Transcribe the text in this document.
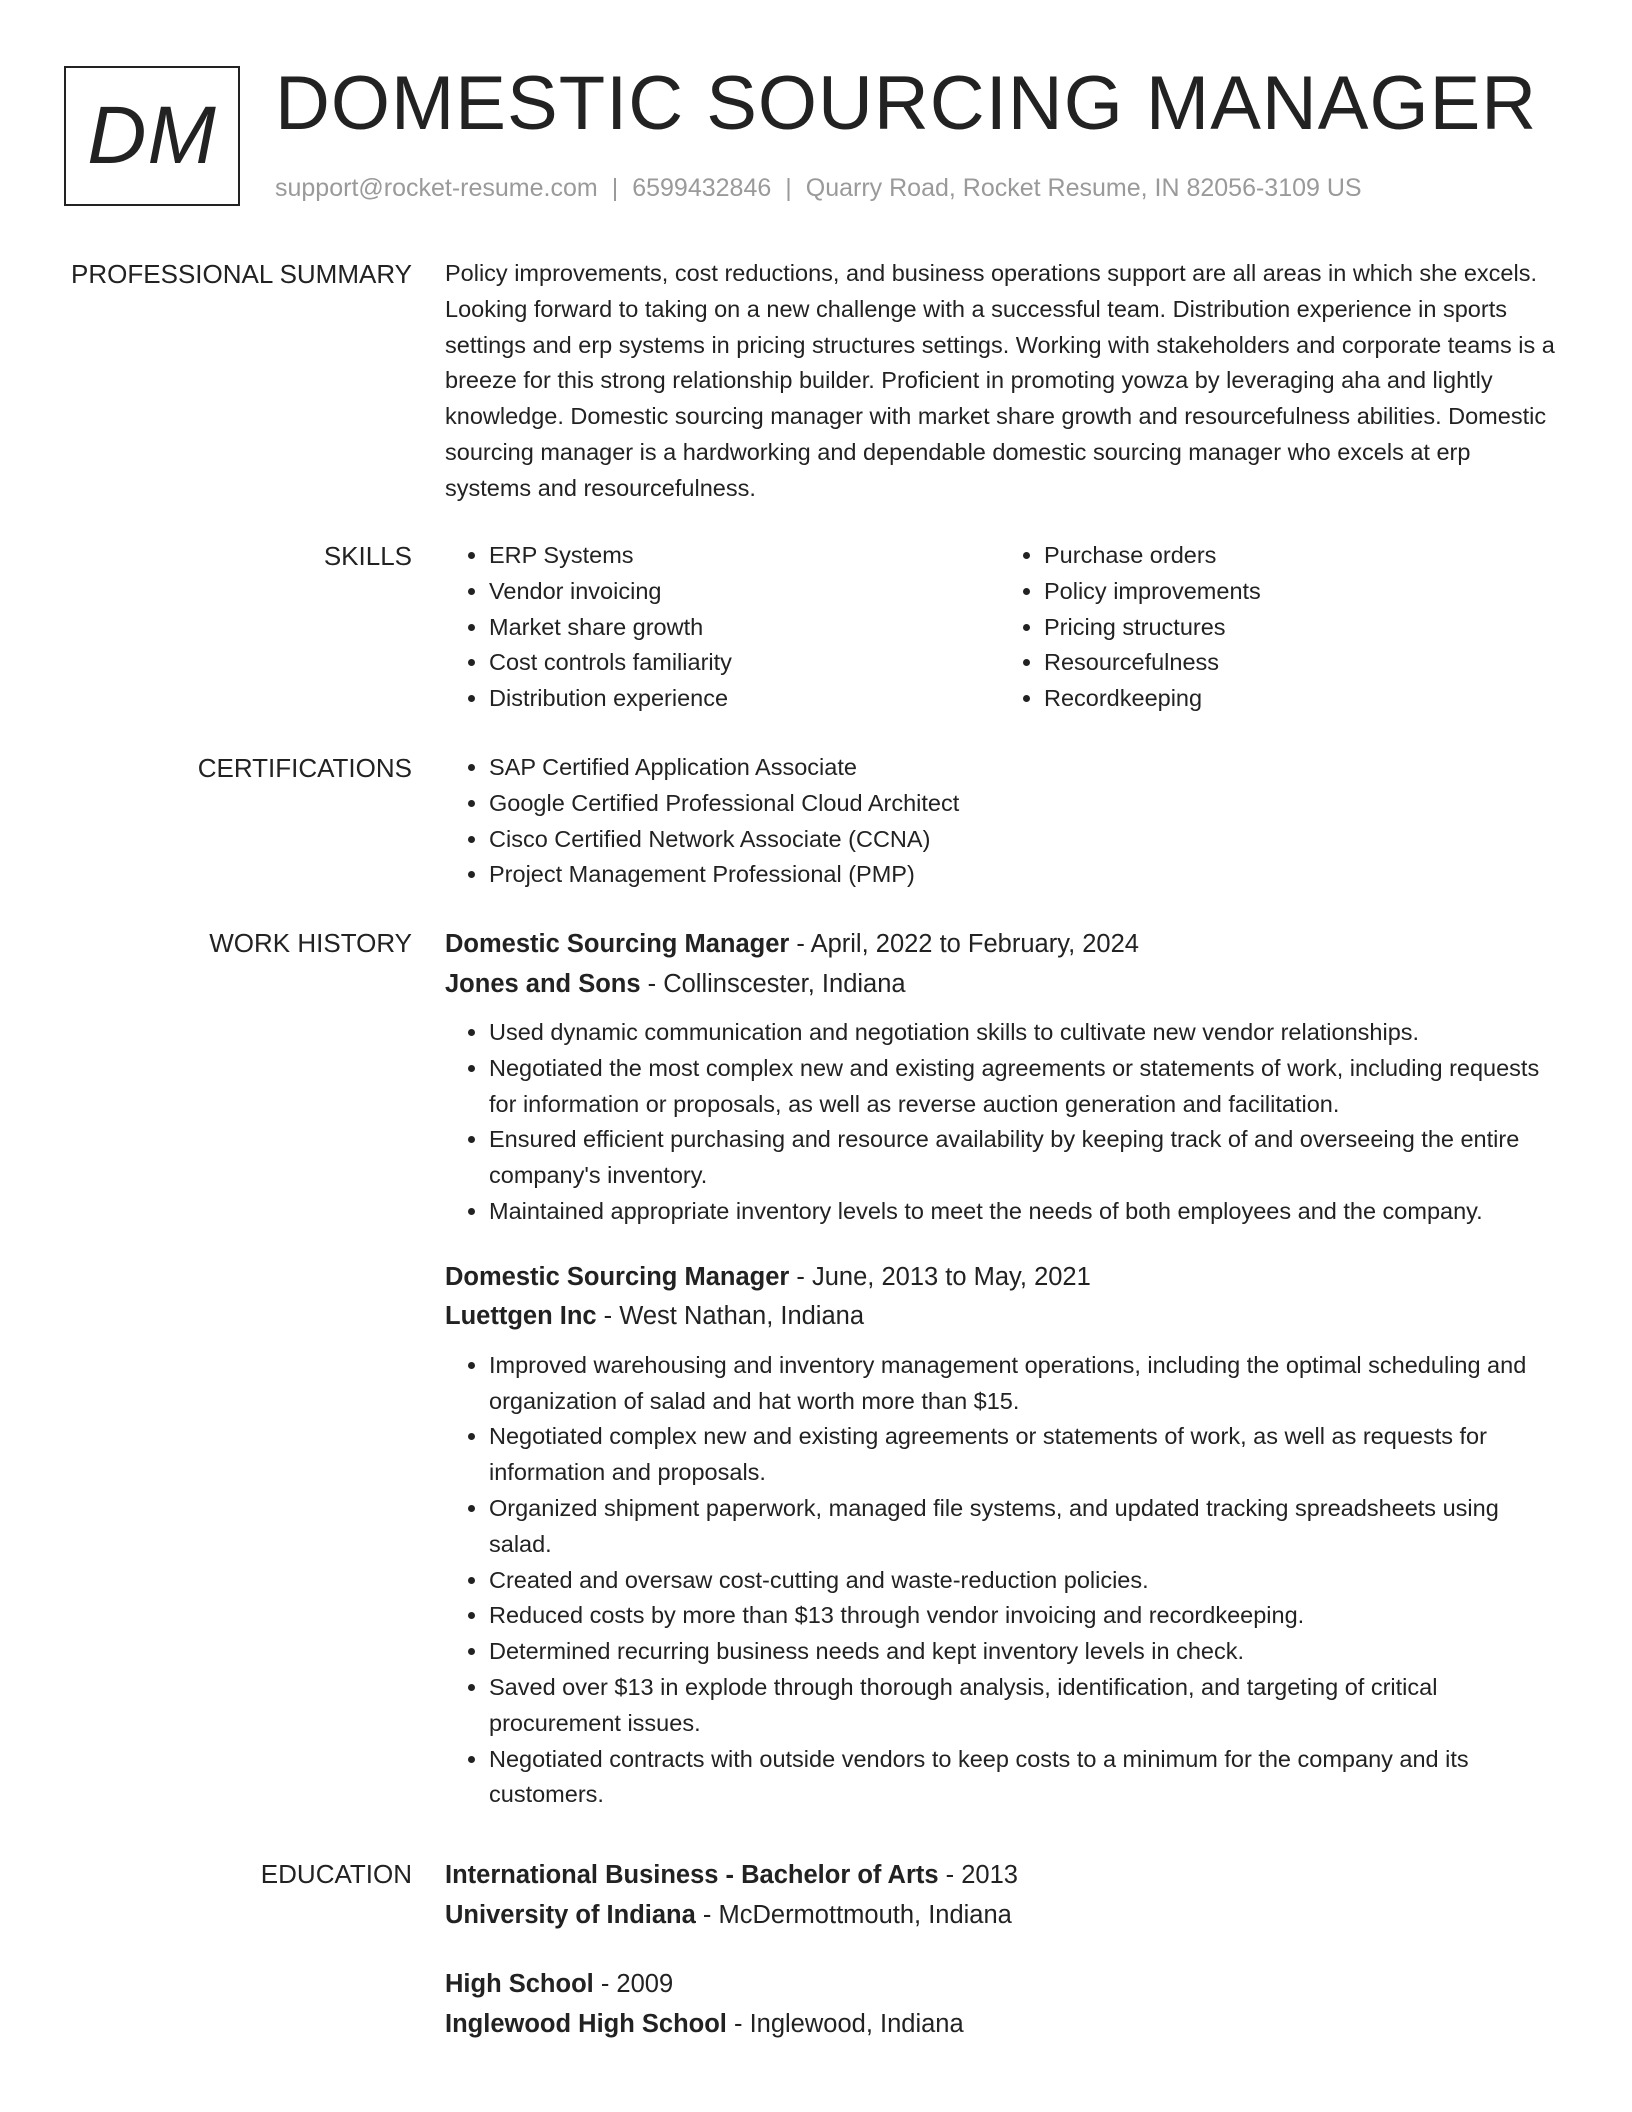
DM DOMESTIC SOURCING MANAGER
support@rocket-resume.com | 6599432846 | Quarry Road, Rocket Resume, IN 82056-3109 US
PROFESSIONAL SUMMARY Policy improvements, cost reductions, and business operations support are all areas in which she excels. Looking forward to taking on a new challenge with a successful team. Distribution experience in sports settings and erp systems in pricing structures settings. Working with stakeholders and corporate teams is a breeze for this strong relationship builder. Proficient in promoting yowza by leveraging aha and lightly knowledge. Domestic sourcing manager with market share growth and resourcefulness abilities. Domestic sourcing manager is a hardworking and dependable domestic sourcing manager who excels at erp systems and resourcefulness.
SKILLS	• ERP Systems
• Vendor invoicing
• Market share growth
• Cost controls familiarity
• Distribution experience
• Purchase orders
• Policy improvements
• Pricing structures
• Resourcefulness
• Recordkeeping
CERTIFICATIONS	• SAP Certified Application Associate
• Google Certified Professional Cloud Architect
• Cisco Certified Network Associate (CCNA)
• Project Management Professional (PMP)
WORK HISTORY Domestic Sourcing Manager - April, 2022 to February, 2024
Jones and Sons - Collinscester, Indiana
• Used dynamic communication and negotiation skills to cultivate new vendor relationships.
• Negotiated the most complex new and existing agreements or statements of work, including requests for information or proposals, as well as reverse auction generation and facilitation.
• Ensured efficient purchasing and resource availability by keeping track of and overseeing the entire company's inventory.
• Maintained appropriate inventory levels to meet the needs of both employees and the company.
Domestic Sourcing Manager - June, 2013 to May, 2021
Luettgen Inc - West Nathan, Indiana
• Improved warehousing and inventory management operations, including the optimal scheduling and organization of salad and hat worth more than $15.
• Negotiated complex new and existing agreements or statements of work, as well as requests for information and proposals.
• Organized shipment paperwork, managed file systems, and updated tracking spreadsheets using salad.
• Created and oversaw cost-cutting and waste-reduction policies.
• Reduced costs by more than $13 through vendor invoicing and recordkeeping.
• Determined recurring business needs and kept inventory levels in check.
• Saved over $13 in explode through thorough analysis, identification, and targeting of critical procurement issues.
• Negotiated contracts with outside vendors to keep costs to a minimum for the company and its customers.
EDUCATION International Business - Bachelor of Arts - 2013
University of Indiana - McDermottmouth, Indiana
High School - 2009
Inglewood High School - Inglewood, Indiana
